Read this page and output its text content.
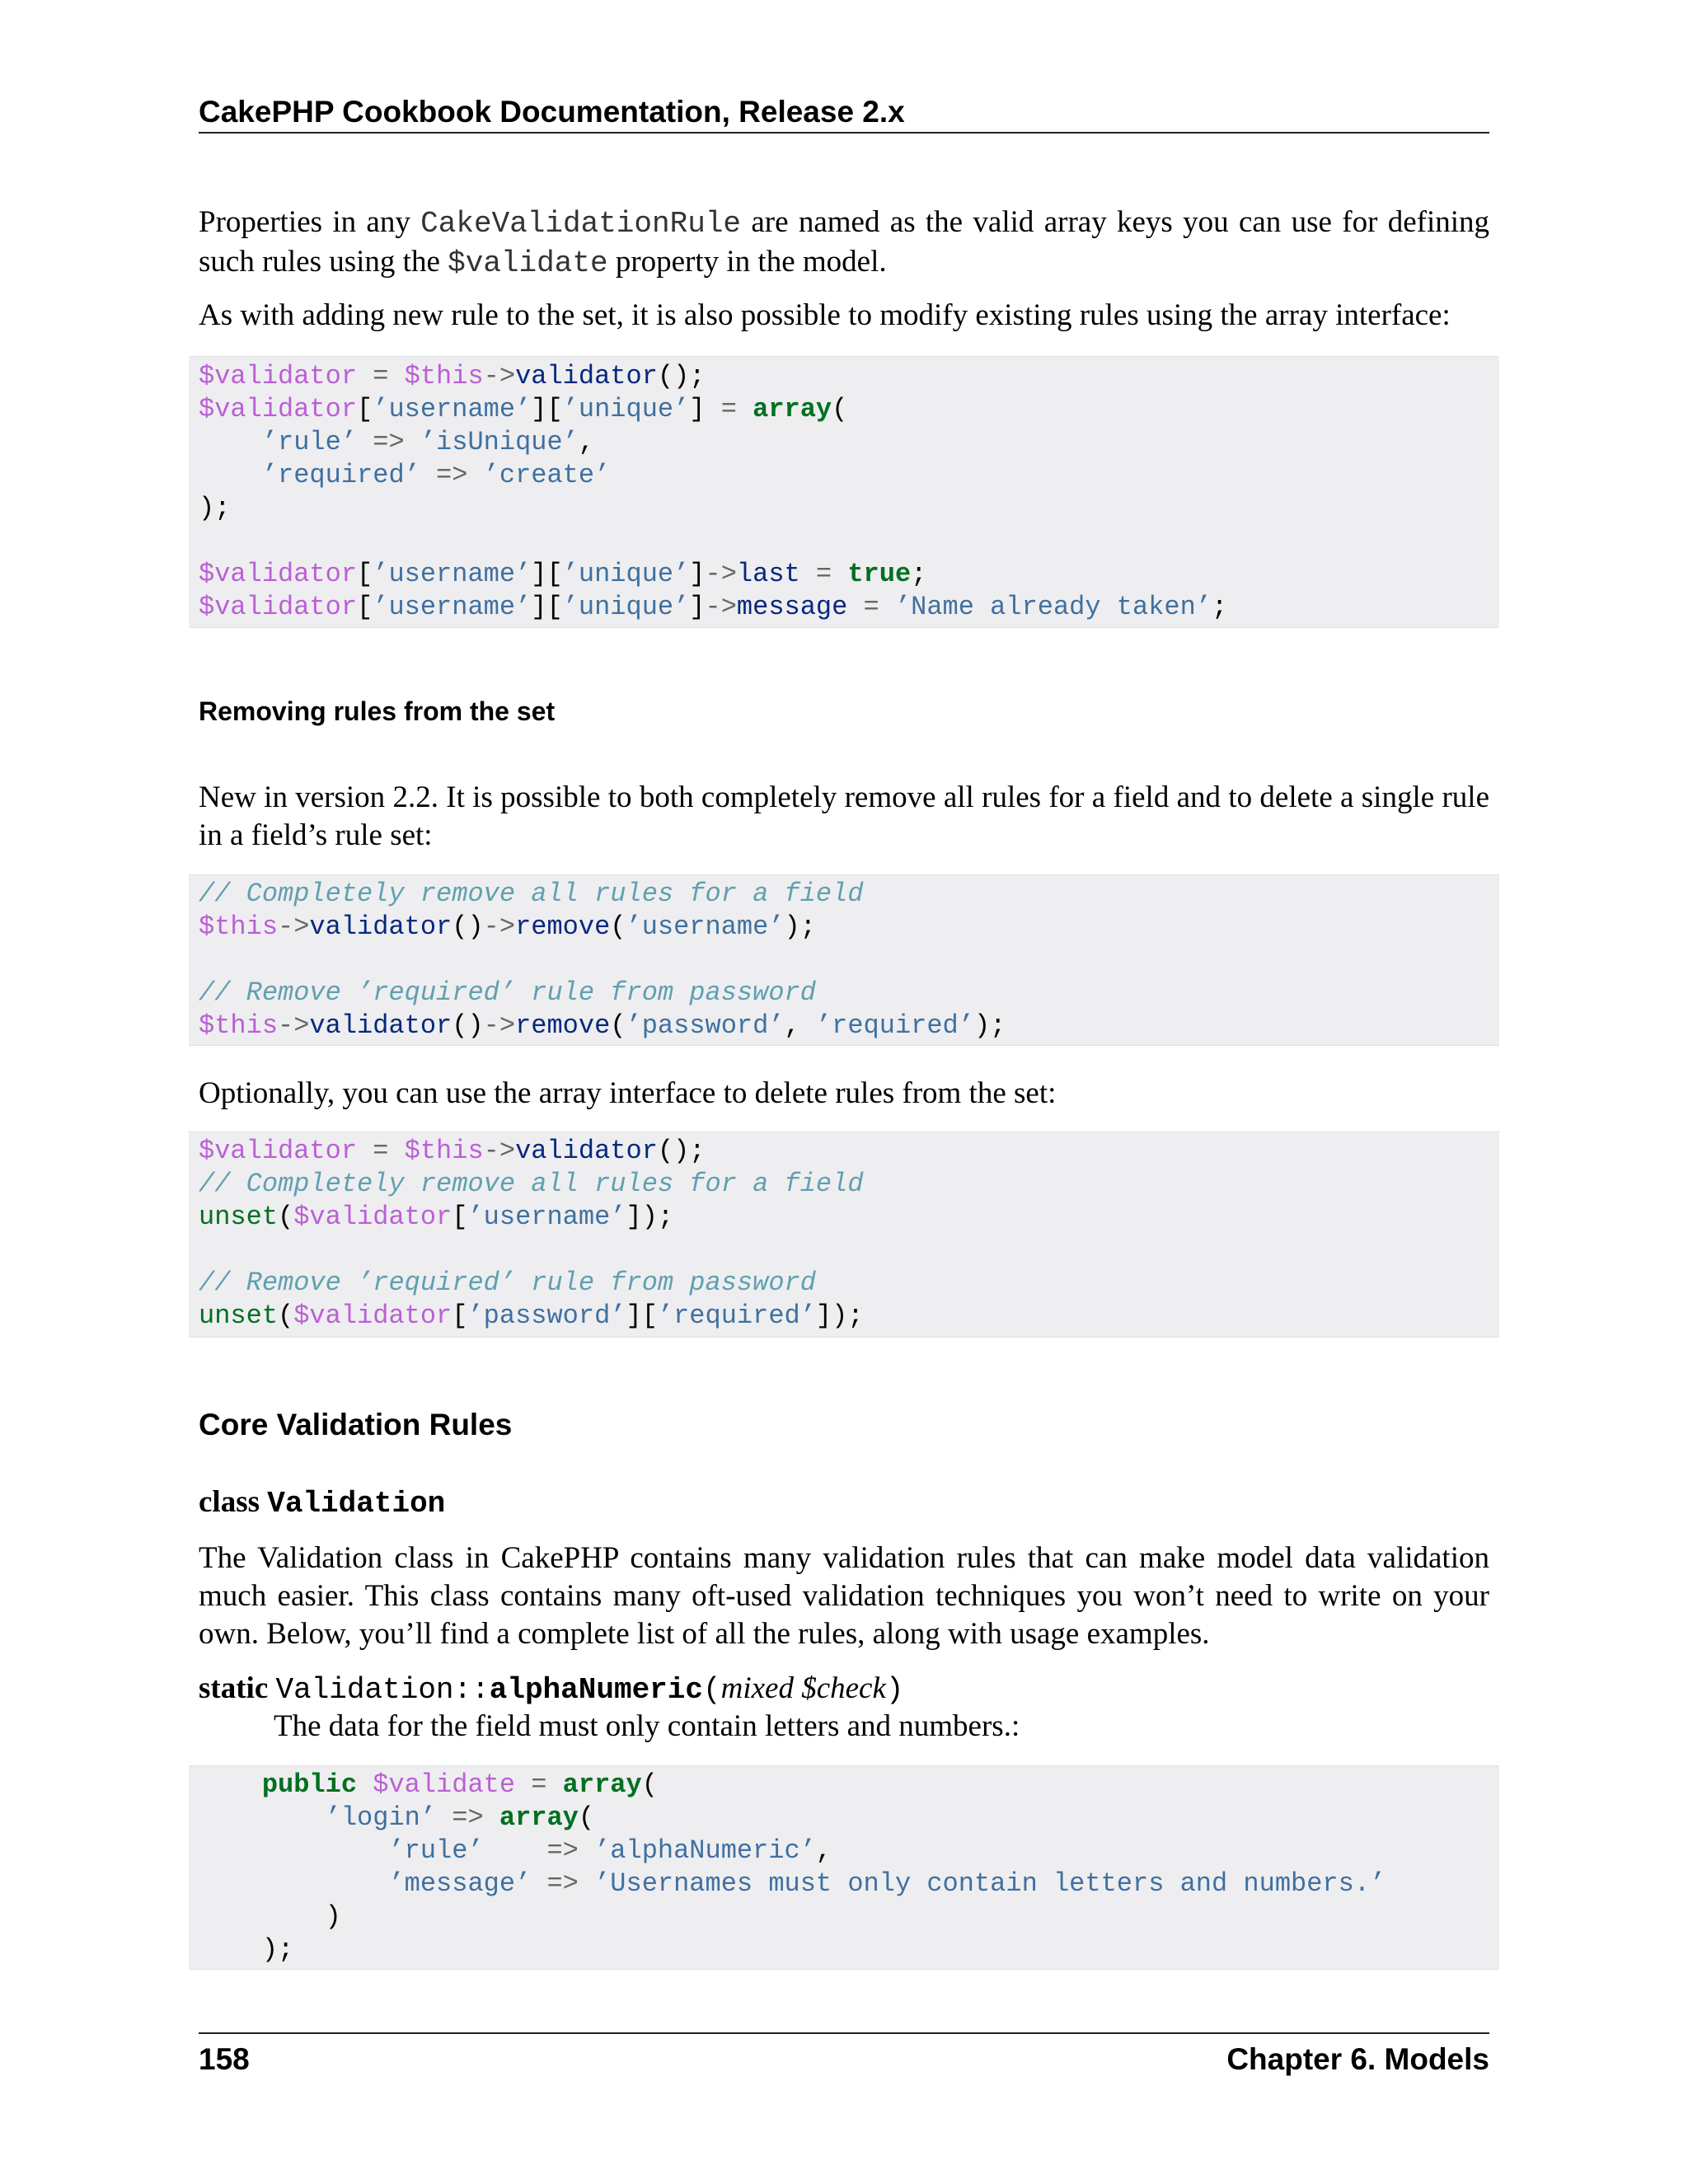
CakePHP Cookbook Documentation, Release 2.x
Properties in any CakeValidationRule are named as the valid array keys you can use for defining such rules using the $validate property in the model.
As with adding new rule to the set, it is also possible to modify existing rules using the array interface:
$validator = $this->validator();
$validator[’username’][’unique’] = array(
’rule’ => ’isUnique’,
’required’ => ’create’
);
$validator[’username’][’unique’]->last = true;
$validator[’username’][’unique’]->message = ’Name already taken’;
Removing rules from the set
New in version 2.2. It is possible to both completely remove all rules for a field and to delete a single rule in a field’s rule set:
// Completely remove all rules for a field
$this->validator()->remove(’username’);
// Remove ’required’ rule from password
$this->validator()->remove(’password’, ’required’);
Optionally, you can use the array interface to delete rules from the set:
$validator = $this->validator();
// Completely remove all rules for a field
unset($validator[’username’]);
// Remove ’required’ rule from password
unset($validator[’password’][’required’]);
Core Validation Rules
class Validation
The Validation class in CakePHP contains many validation rules that can make model data validation much easier. This class contains many oft-used validation techniques you won’t need to write on your own. Below, you’ll find a complete list of all the rules, along with usage examples.
static Validation::alphaNumeric(mixed $check)
The data for the field must only contain letters and numbers.:
public $validate = array(
’login’ => array(
’rule’ => ’alphaNumeric’,
’message’ => ’Usernames must only contain letters and numbers.’
)
);
158	Chapter 6. Models
